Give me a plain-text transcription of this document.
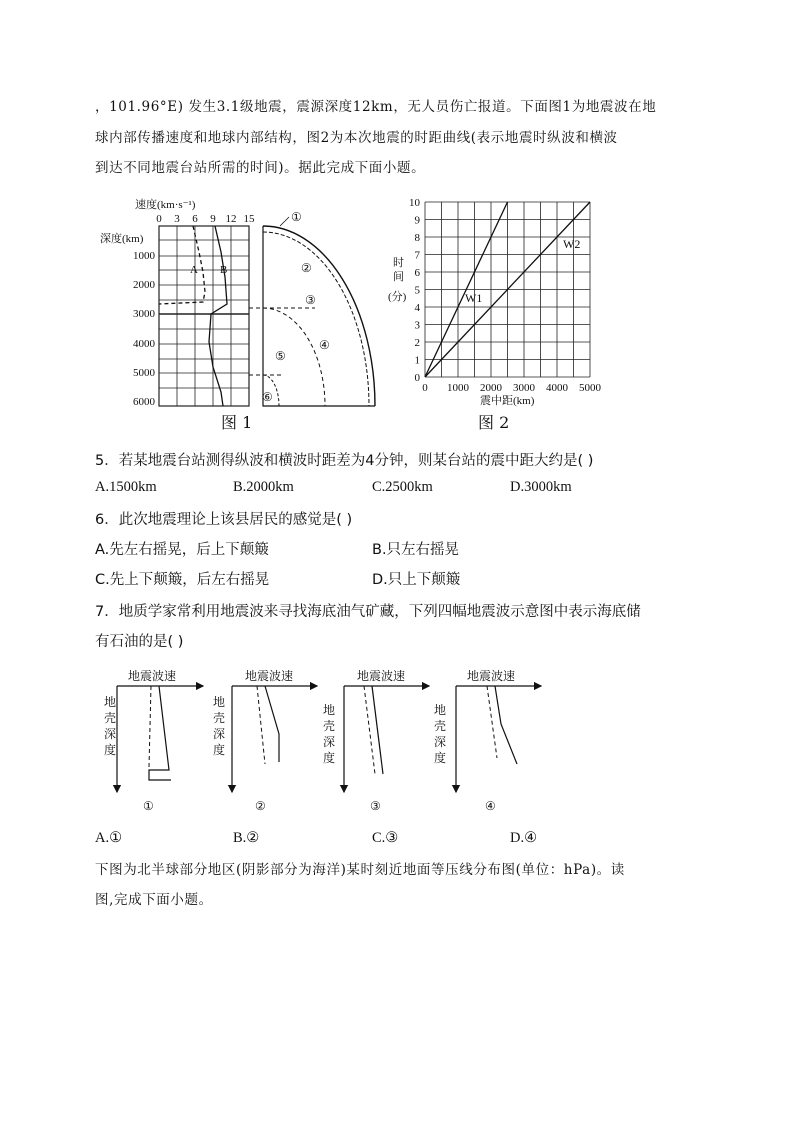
，101.96°E) 发生3.1级地震，震源深度12km，无人员伤亡报道。下面图1为地震波在地
球内部传播速度和地球内部结构，图2为本次地震的时距曲线(表示地震时纵波和横波
到达不同地震台站所需的时间)。据此完成下面小题。
速度(km·s⁻¹)
深度(km)
0 3 6 9 12 15
1000
2000
3000
4000
5000
6000
A B
①
②
③
④
⑤
⑥
图 1
0
1
2
3
4
5
6
7
8
9
10
0 1000 2000 3000 4000 5000
W1
W2
时
间
(分)
震中距(km)
图 2
5．若某地震台站测得纵波和横波时距差为4分钟，则某台站的震中距大约是( )
A.1500km	B.2000km	C.2500km	D.3000km
6．此次地震理论上该县居民的感觉是( )
A.先左右摇晃，后上下颠簸	B.只左右摇晃
C.先上下颠簸，后左右摇晃	D.只上下颠簸
7．地质学家常利用地震波来寻找海底油气矿藏，下列四幅地震波示意图中表示海底储
有石油的是( )
地震波速
地
壳
深
度
①
地震波速
地
壳
深
度
②
地震波速
地
壳
深
度
③
地震波速
地
壳
深
度
④
A.①	B.②	C.③	D.④
下图为北半球部分地区(阴影部分为海洋)某时刻近地面等压线分布图(单位：hPa)。读
图,完成下面小题。
